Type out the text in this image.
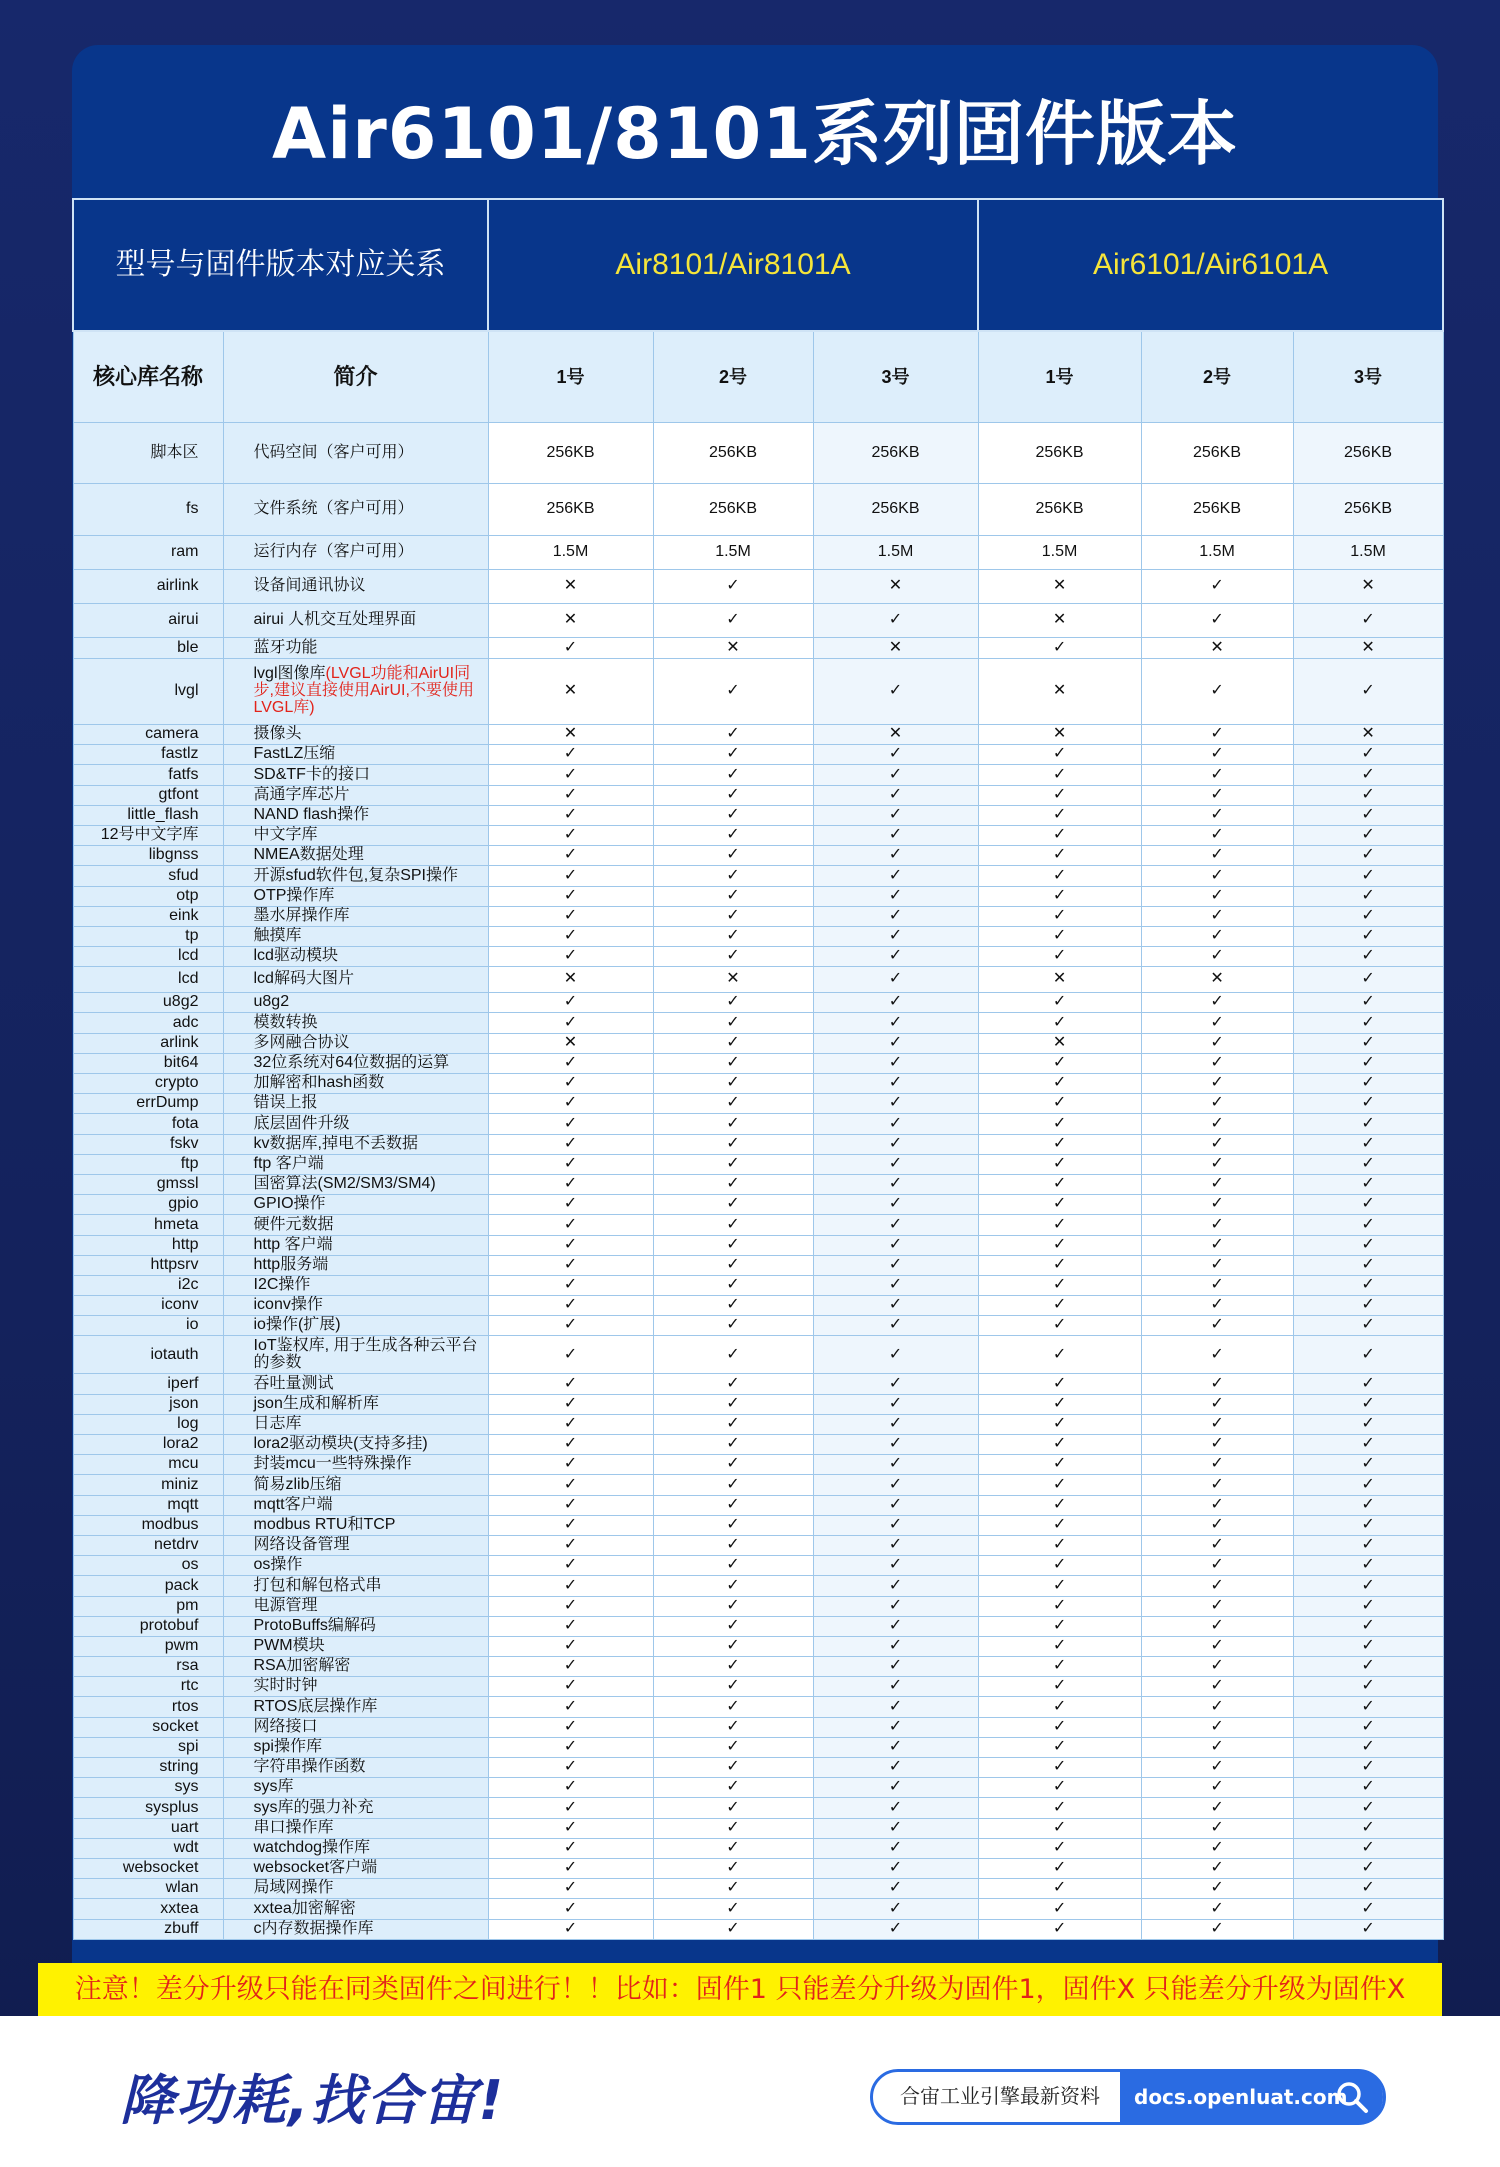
Air6101/8101系列固件版本
型号与固件版本对应关系		Air8101/Air8101A			Air6101/Air6101A		
核心库名称	简介	1号	2号	3号	1号	2号	3号
脚本区	代码空间（客户可用）	256KB	256KB	256KB	256KB	256KB	256KB
fs	文件系统（客户可用）	256KB	256KB	256KB	256KB	256KB	256KB
ram	运行内存（客户可用）	1.5M	1.5M	1.5M	1.5M	1.5M	1.5M
airlink	设备间通讯协议	✕	✓	✕	✕	✓	✕
airui	airui 人机交互处理界面	✕	✓	✓	✕	✓	✓
ble	蓝牙功能	✓	✕	✕	✓	✕	✕
lvgl	lvgl图像库(LVGL功能和AirUI同步,建议直接使用AirUI,不要使用LVGL库)	✕	✓	✓	✕	✓	✓
camera	摄像头	✕	✓	✕	✕	✓	✕
fastlz	FastLZ压缩	✓	✓	✓	✓	✓	✓
fatfs	SD&TF卡的接口	✓	✓	✓	✓	✓	✓
gtfont	高通字库芯片	✓	✓	✓	✓	✓	✓
little_flash	NAND flash操作	✓	✓	✓	✓	✓	✓
12号中文字库	中文字库	✓	✓	✓	✓	✓	✓
libgnss	NMEA数据处理	✓	✓	✓	✓	✓	✓
sfud	开源sfud软件包,复杂SPI操作	✓	✓	✓	✓	✓	✓
otp	OTP操作库	✓	✓	✓	✓	✓	✓
eink	墨水屏操作库	✓	✓	✓	✓	✓	✓
tp	触摸库	✓	✓	✓	✓	✓	✓
lcd	lcd驱动模块	✓	✓	✓	✓	✓	✓
lcd	lcd解码大图片	✕	✕	✓	✕	✕	✓
u8g2	u8g2	✓	✓	✓	✓	✓	✓
adc	模数转换	✓	✓	✓	✓	✓	✓
arlink	多网融合协议	✕	✓	✓	✕	✓	✓
bit64	32位系统对64位数据的运算	✓	✓	✓	✓	✓	✓
crypto	加解密和hash函数	✓	✓	✓	✓	✓	✓
errDump	错误上报	✓	✓	✓	✓	✓	✓
fota	底层固件升级	✓	✓	✓	✓	✓	✓
fskv	kv数据库,掉电不丢数据	✓	✓	✓	✓	✓	✓
ftp	ftp 客户端	✓	✓	✓	✓	✓	✓
gmssl	国密算法(SM2/SM3/SM4)	✓	✓	✓	✓	✓	✓
gpio	GPIO操作	✓	✓	✓	✓	✓	✓
hmeta	硬件元数据	✓	✓	✓	✓	✓	✓
http	http 客户端	✓	✓	✓	✓	✓	✓
httpsrv	http服务端	✓	✓	✓	✓	✓	✓
i2c	I2C操作	✓	✓	✓	✓	✓	✓
iconv	iconv操作	✓	✓	✓	✓	✓	✓
io	io操作(扩展)	✓	✓	✓	✓	✓	✓
iotauth	IoT鉴权库, 用于生成各种云平台的参数	✓	✓	✓	✓	✓	✓
iperf	吞吐量测试	✓	✓	✓	✓	✓	✓
json	json生成和解析库	✓	✓	✓	✓	✓	✓
log	日志库	✓	✓	✓	✓	✓	✓
lora2	lora2驱动模块(支持多挂)	✓	✓	✓	✓	✓	✓
mcu	封装mcu一些特殊操作	✓	✓	✓	✓	✓	✓
miniz	简易zlib压缩	✓	✓	✓	✓	✓	✓
mqtt	mqtt客户端	✓	✓	✓	✓	✓	✓
modbus	modbus RTU和TCP	✓	✓	✓	✓	✓	✓
netdrv	网络设备管理	✓	✓	✓	✓	✓	✓
os	os操作	✓	✓	✓	✓	✓	✓
pack	打包和解包格式串	✓	✓	✓	✓	✓	✓
pm	电源管理	✓	✓	✓	✓	✓	✓
protobuf	ProtoBuffs编解码	✓	✓	✓	✓	✓	✓
pwm	PWM模块	✓	✓	✓	✓	✓	✓
rsa	RSA加密解密	✓	✓	✓	✓	✓	✓
rtc	实时时钟	✓	✓	✓	✓	✓	✓
rtos	RTOS底层操作库	✓	✓	✓	✓	✓	✓
socket	网络接口	✓	✓	✓	✓	✓	✓
spi	spi操作库	✓	✓	✓	✓	✓	✓
string	字符串操作函数	✓	✓	✓	✓	✓	✓
sys	sys库	✓	✓	✓	✓	✓	✓
sysplus	sys库的强力补充	✓	✓	✓	✓	✓	✓
uart	串口操作库	✓	✓	✓	✓	✓	✓
wdt	watchdog操作库	✓	✓	✓	✓	✓	✓
websocket	websocket客户端	✓	✓	✓	✓	✓	✓
wlan	局域网操作	✓	✓	✓	✓	✓	✓
xxtea	xxtea加密解密	✓	✓	✓	✓	✓	✓
zbuff	c内存数据操作库	✓	✓	✓	✓	✓	✓
注意！差分升级只能在同类固件之间进行！！比如：固件1 只能差分升级为固件1，固件X 只能差分升级为固件X
降功耗,找合宙!	合宙工业引擎最新资料	docs.openluat.com
